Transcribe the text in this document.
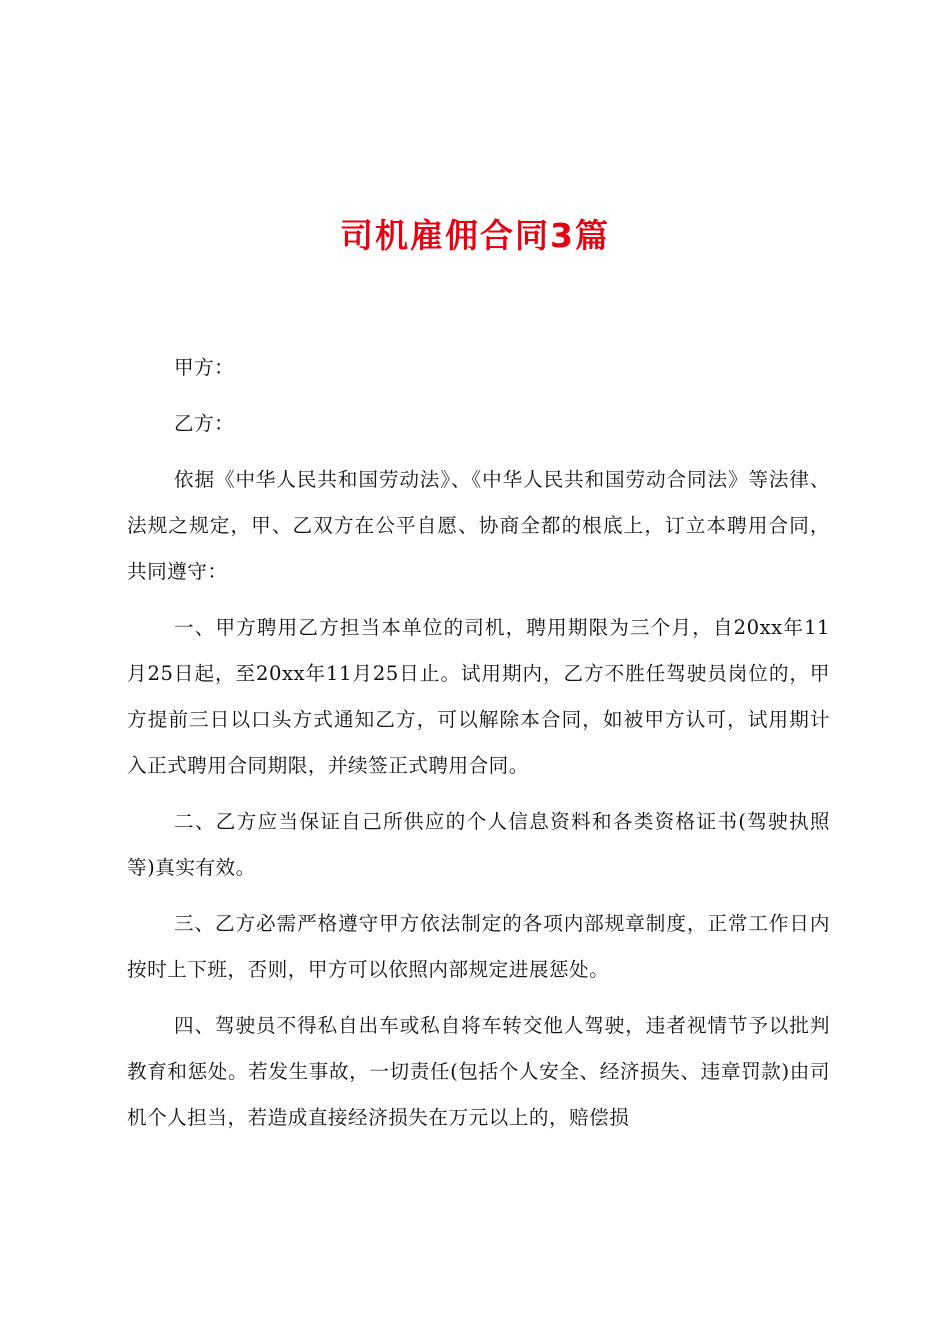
司机雇佣合同3篇

甲方：

乙方：

依据《中华人民共和国劳动法》、《中华人民共和国劳动合同法》等法律、法规之规定，甲、乙双方在公平自愿、协商全都的根底上，订立本聘用合同，共同遵守：

一、甲方聘用乙方担当本单位的司机，聘用期限为三个月，自20xx年11月25日起，至20xx年11月25日止。试用期内，乙方不胜任驾驶员岗位的，甲方提前三日以口头方式通知乙方，可以解除本合同，如被甲方认可，试用期计入正式聘用合同期限，并续签正式聘用合同。

二、乙方应当保证自己所供应的个人信息资料和各类资格证书(驾驶执照等)真实有效。

三、乙方必需严格遵守甲方依法制定的各项内部规章制度，正常工作日内按时上下班，否则，甲方可以依照内部规定进展惩处。

四、驾驶员不得私自出车或私自将车转交他人驾驶，违者视情节予以批判教育和惩处。若发生事故，一切责任(包括个人安全、经济损失、违章罚款)由司机个人担当，若造成直接经济损失在万元以上的，赔偿损
